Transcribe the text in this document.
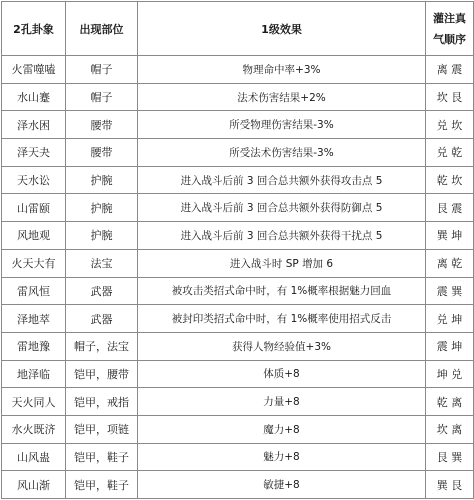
2孔卦象	出现部位	1级效果	灌注真
气顺序

火雷噬嗑	帽子	物理命中率+3%	离 震
水山蹇	帽子	法术伤害结果+2%	坎 艮
泽水困	腰带	所受物理伤害结果-3%	兑 坎
泽天夬	腰带	所受法术伤害结果-3%	兑 乾
天水讼	护腕	进入战斗后前 3 回合总共额外获得攻击点 5	乾 坎
山雷颐	护腕	进入战斗后前 3 回合总共额外获得防御点 5	艮 震
风地观	护腕	进入战斗后前 3 回合总共额外获得干扰点 5	巽 坤
火天大有	法宝	进入战斗时 SP 增加 6	离 乾
雷风恒	武器	被攻击类招式命中时，有 1%概率根据魅力回血	震 巽
泽地萃	武器	被封印类招式命中时，有 1%概率使用招式反击	兑 坤
雷地豫	帽子，法宝	获得人物经验值+3%	震 坤
地泽临	铠甲，腰带	体质+8	坤 兑
天火同人	铠甲，戒指	力量+8	乾 离
水火既济	铠甲，项链	魔力+8	坎 离
山风蛊	铠甲，鞋子	魅力+8	艮 巽
风山渐	铠甲，鞋子	敏捷+8	巽 艮
